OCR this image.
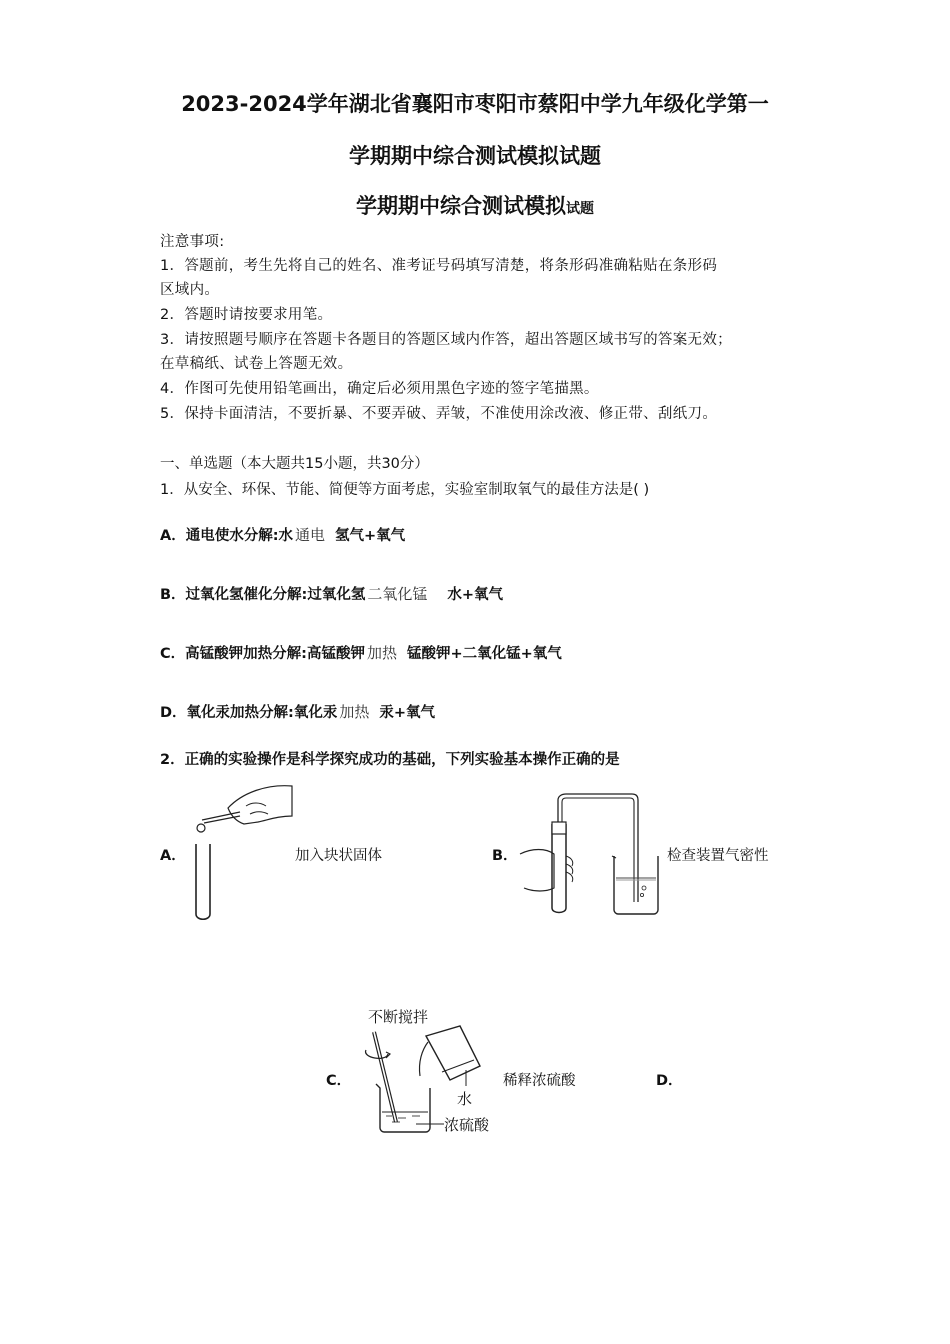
2023-2024学年湖北省襄阳市枣阳市蔡阳中学九年级化学第一
学期期中综合测试模拟试题
学期期中综合测试模拟试题
注意事项:
1．答题前，考生先将自己的姓名、准考证号码填写清楚，将条形码准确粘贴在条形码
区域内。
2．答题时请按要求用笔。
3．请按照题号顺序在答题卡各题目的答题区域内作答，超出答题区域书写的答案无效；
在草稿纸、试卷上答题无效。
4．作图可先使用铅笔画出，确定后必须用黑色字迹的签字笔描黑。
5．保持卡面清洁，不要折暴、不要弄破、弄皱，不准使用涂改液、修正带、刮纸刀。
一、单选题（本大题共15小题，共30分）
1．从安全、环保、节能、简便等方面考虑，实验室制取氧气的最佳方法是( )
A．通电使水分解:水 通电 氢气+氧气
B．过氧化氢催化分解:过氧化氢 二氧化锰 水+氧气
C．高锰酸钾加热分解:高锰酸钾 加热 锰酸钾+二氧化锰+氧气
D．氧化汞加热分解:氧化汞 加热 汞+氧气
2．正确的实验操作是科学探究成功的基础，下列实验基本操作正确的是
A．	加入块状固体	B．	检查装置气密性
C．
不断搅拌
水
浓硫酸
稀释浓硫酸	D．
